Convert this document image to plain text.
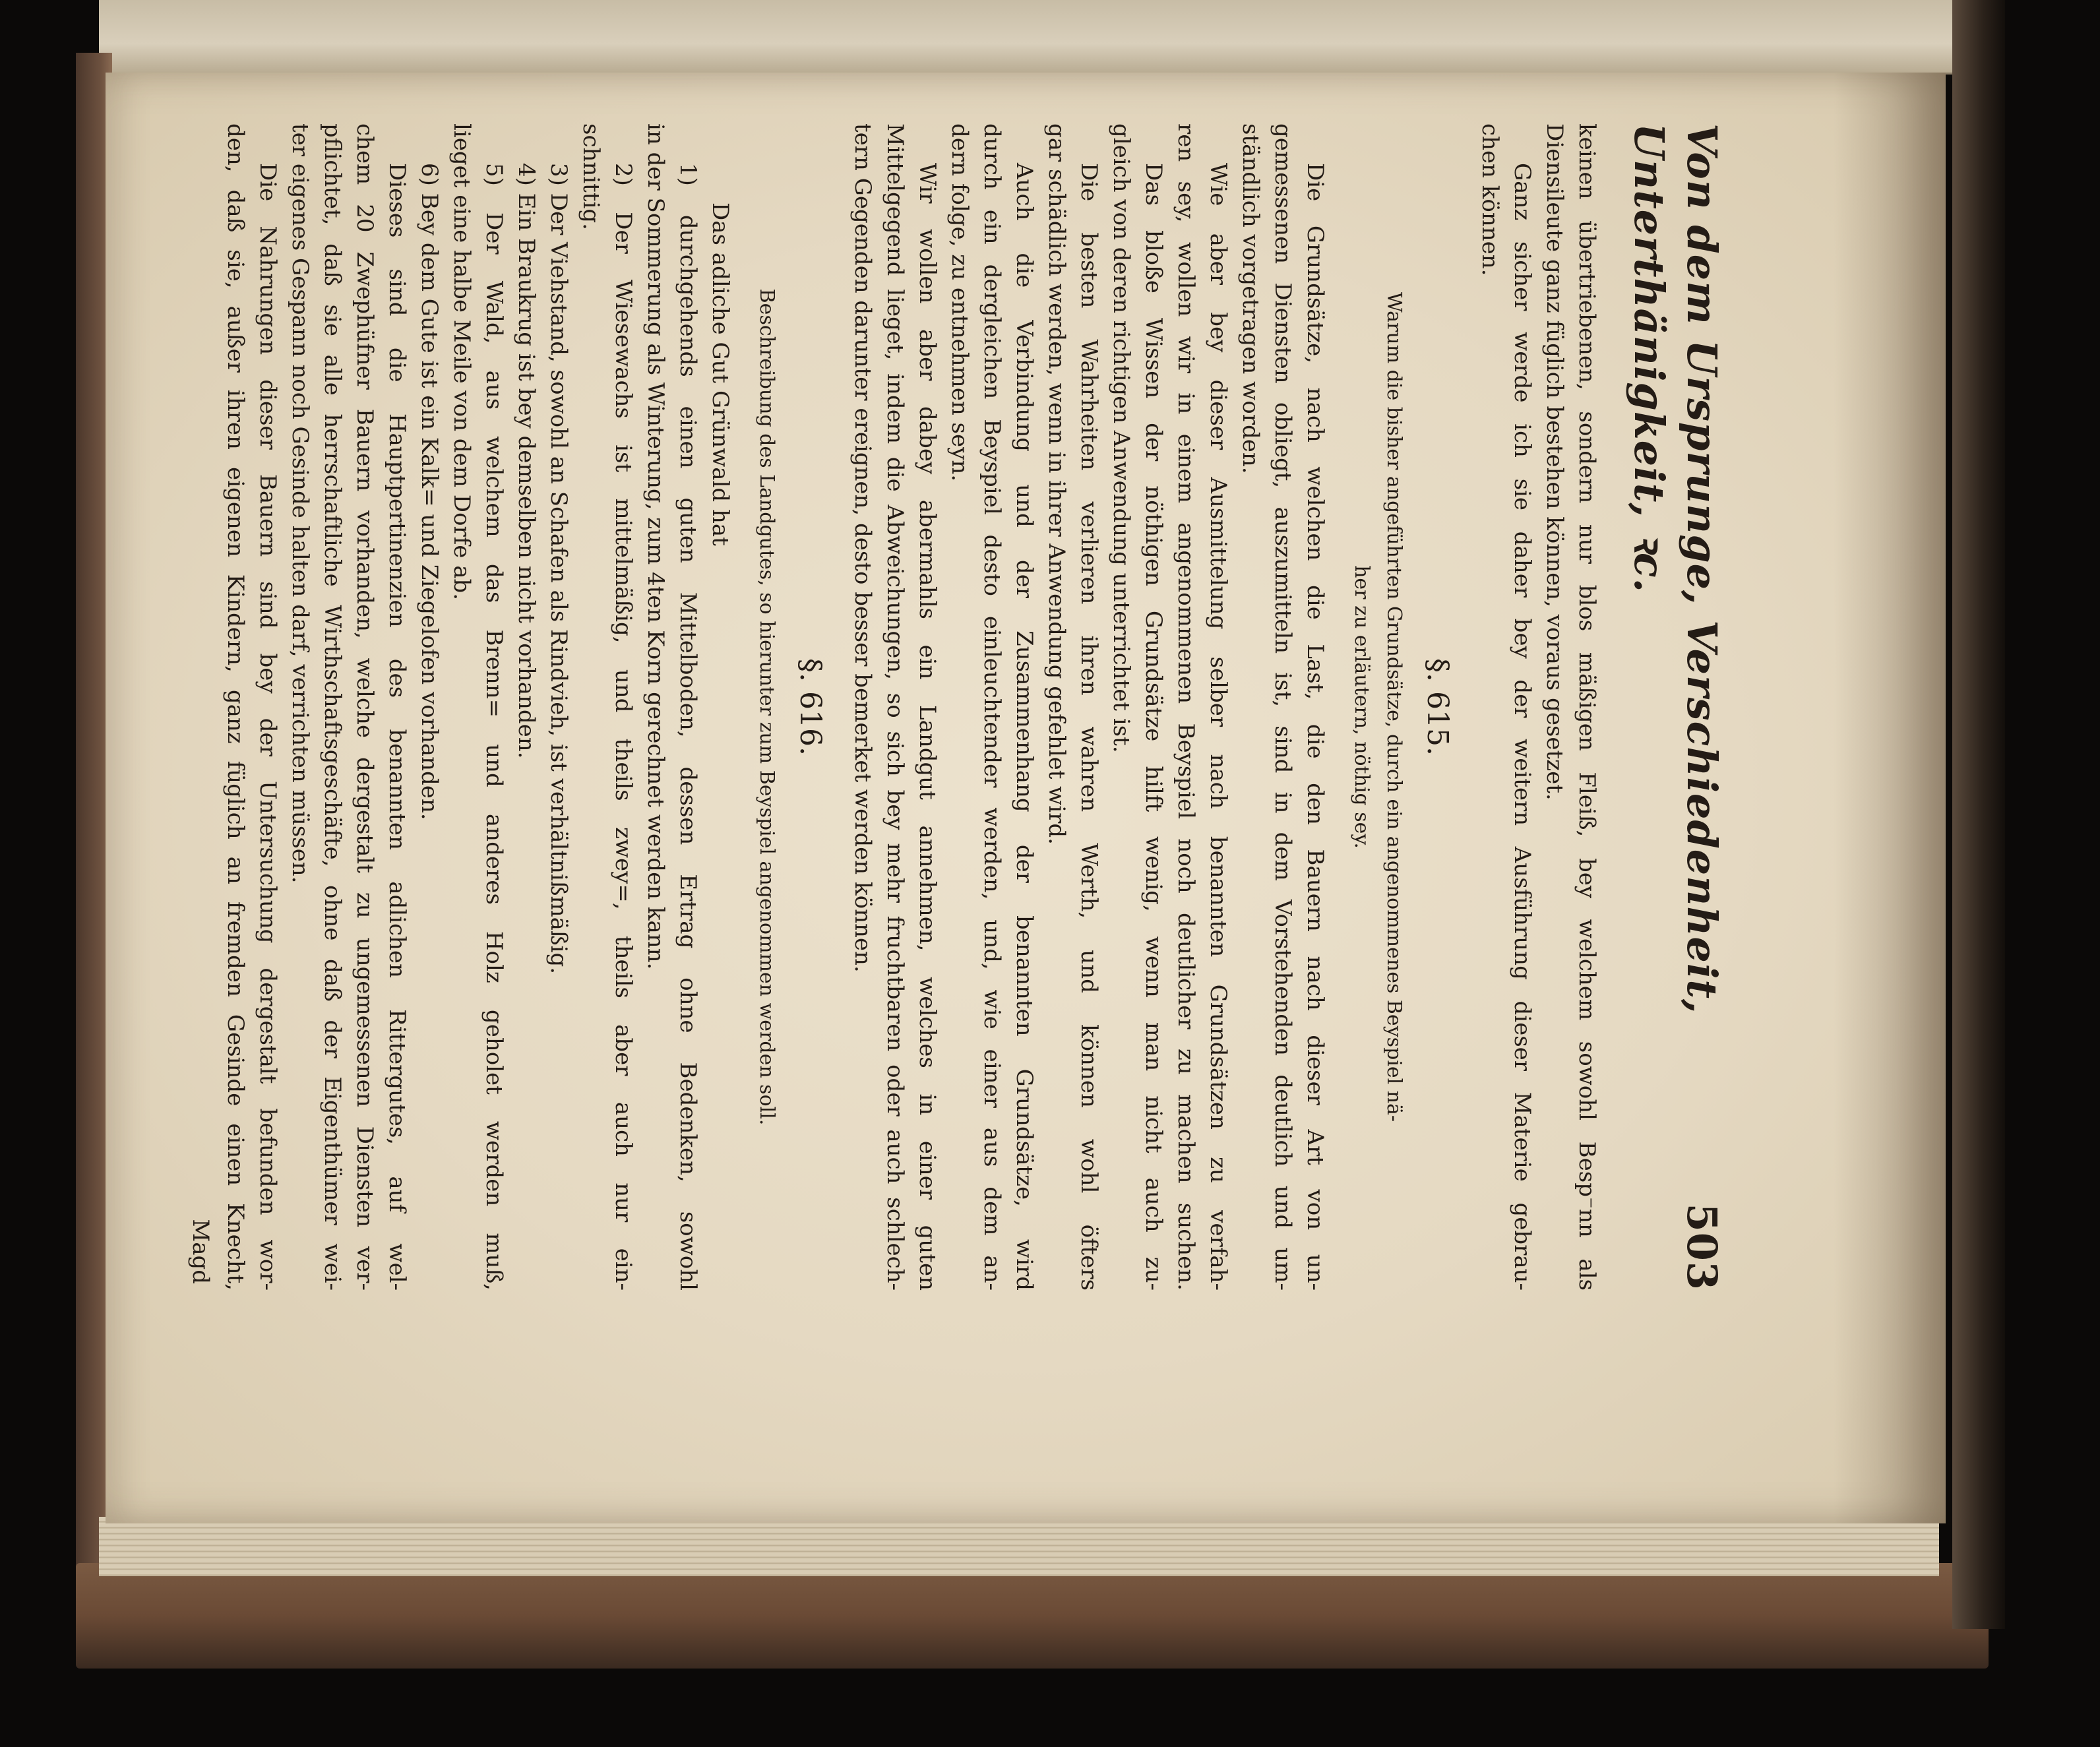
Von dem Ursprunge, Verschiedenheit, Unterthänigkeit, ꝛc.
503
keinen übertriebenen, sondern nur blos mäßigen Fleiß, bey welchem sowohl Besp⁻nn als
Diensileute ganz füglich bestehen können, voraus gesetzet.
Ganz sicher werde ich sie daher bey der weitern Ausführung dieser Materie gebrau-
chen können.
§. 615.
Warum die bisher angeführten Grundsätze, durch ein angenommenes Beyspiel nä-
her zu erläutern, nöthig sey.
Die Grundsätze, nach welchen die Last, die den Bauern nach dieser Art von un-
gemessenen Diensten obliegt, auszumitteln ist, sind in dem Vorstehenden deutlich und um-
ständlich vorgetragen worden.
Wie aber bey dieser Ausmittelung selber nach benannten Grundsätzen zu verfah-
ren sey, wollen wir in einem angenommenen Beyspiel noch deutlicher zu machen suchen.
Das bloße Wissen der nöthigen Grundsätze hilft wenig, wenn man nicht auch zu-
gleich von deren richtigen Anwendung unterrichtet ist.
Die besten Wahrheiten verlieren ihren wahren Werth, und können wohl öfters
gar schädlich werden, wenn in ihrer Anwendung gefehlet wird.
Auch die Verbindung und der Zusammenhang der benannten Grundsätze, wird
durch ein dergleichen Beyspiel desto einleuchtender werden, und, wie einer aus dem an-
dern folge, zu entnehmen seyn.
Wir wollen aber dabey abermahls ein Landgut annehmen, welches in einer guten
Mittelgegend lieget, indem die Abweichungen, so sich bey mehr fruchtbaren oder auch schlech-
tern Gegenden darunter ereignen, desto besser bemerket werden können.
§. 616.
Beschreibung des Landgutes, so hierunter zum Beyspiel angenommen werden soll.
Das adliche Gut Grünwald hat
1) durchgehends einen guten Mittelboden, dessen Ertrag ohne Bedenken, sowohl
in der Sommerung als Winterung, zum 4ten Korn gerechnet werden kann.
2) Der Wiesewachs ist mittelmäßig, und theils zwey=, theils aber auch nur ein-
schnittig.
3) Der Viehstand, sowohl an Schafen als Rindvieh, ist verhältnißmäßig.
4) Ein Braukrug ist bey demselben nicht vorhanden.
5) Der Wald, aus welchem das Brenn= und anderes Holz geholet werden muß,
lieget eine halbe Meile von dem Dorfe ab.
6) Bey dem Gute ist ein Kalk= und Ziegelofen vorhanden.
Dieses sind die Hauptpertinenzien des benannten adlichen Rittergutes, auf wel-
chem 20 Zwephüfner Bauern vorhanden, welche dergestalt zu ungemessenen Diensten ver-
pflichtet, daß sie alle herrschaftliche Wirthschaftsgeschäfte, ohne daß der Eigenthümer wei-
ter eigenes Gespann noch Gesinde halten darf, verrichten müssen.
Die Nahrungen dieser Bauern sind bey der Untersuchung dergestalt befunden wor-
den, daß sie, außer ihren eigenen Kindern, ganz füglich an fremden Gesinde einen Knecht,
Magd
